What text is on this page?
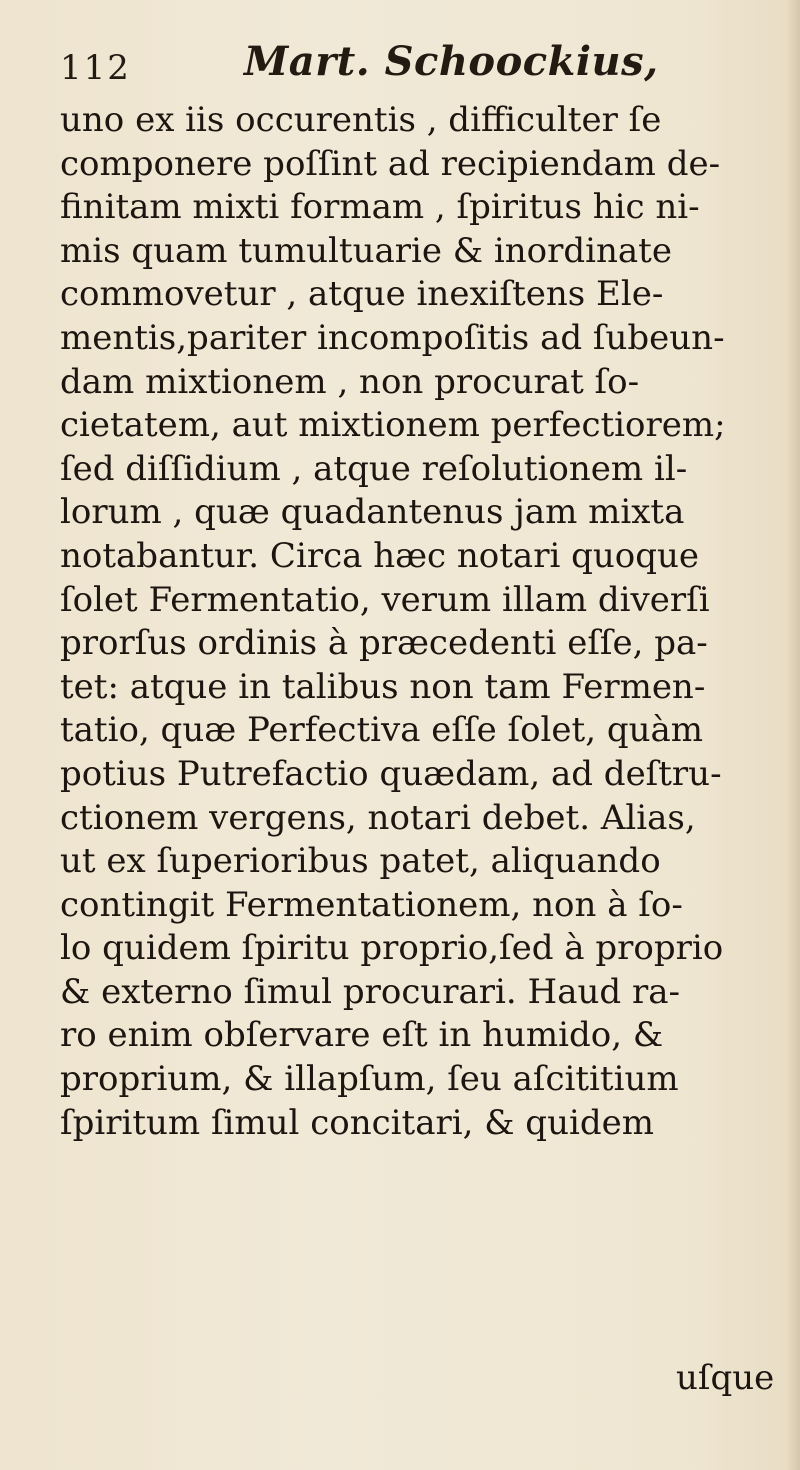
112	Mart. Schoockius,
uno ex iis occurentis , difficulter ſe
componere poſſint ad recipiendam de-
finitam mixti formam , ſpiritus hic ni-
mis quam tumultuarie & inordinate
commovetur , atque inexiſtens Ele-
mentis,pariter incompoſitis ad ſubeun-
dam mixtionem , non procurat ſo-
cietatem, aut mixtionem perfectiorem;
ſed diſſidium , atque reſolutionem il-
lorum , quæ quadantenus jam mixta
notabantur. Circa hæc notari quoque
ſolet Fermentatio, verum illam diverſi
prorſus ordinis à præcedenti eſſe, pa-
tet: atque in talibus non tam Fermen-
tatio, quæ Perfectiva eſſe ſolet, quàm
potius Putrefactio quædam, ad deſtru-
ctionem vergens, notari debet. Alias,
ut ex ſuperioribus patet, aliquando
contingit Fermentationem, non à ſo-
lo quidem ſpiritu proprio,ſed à proprio
& externo ſimul procurari. Haud ra-
ro enim obſervare eſt in humido, &
proprium, & illapſum, ſeu aſcititium
ſpiritum ſimul concitari, & quidem
uſque
